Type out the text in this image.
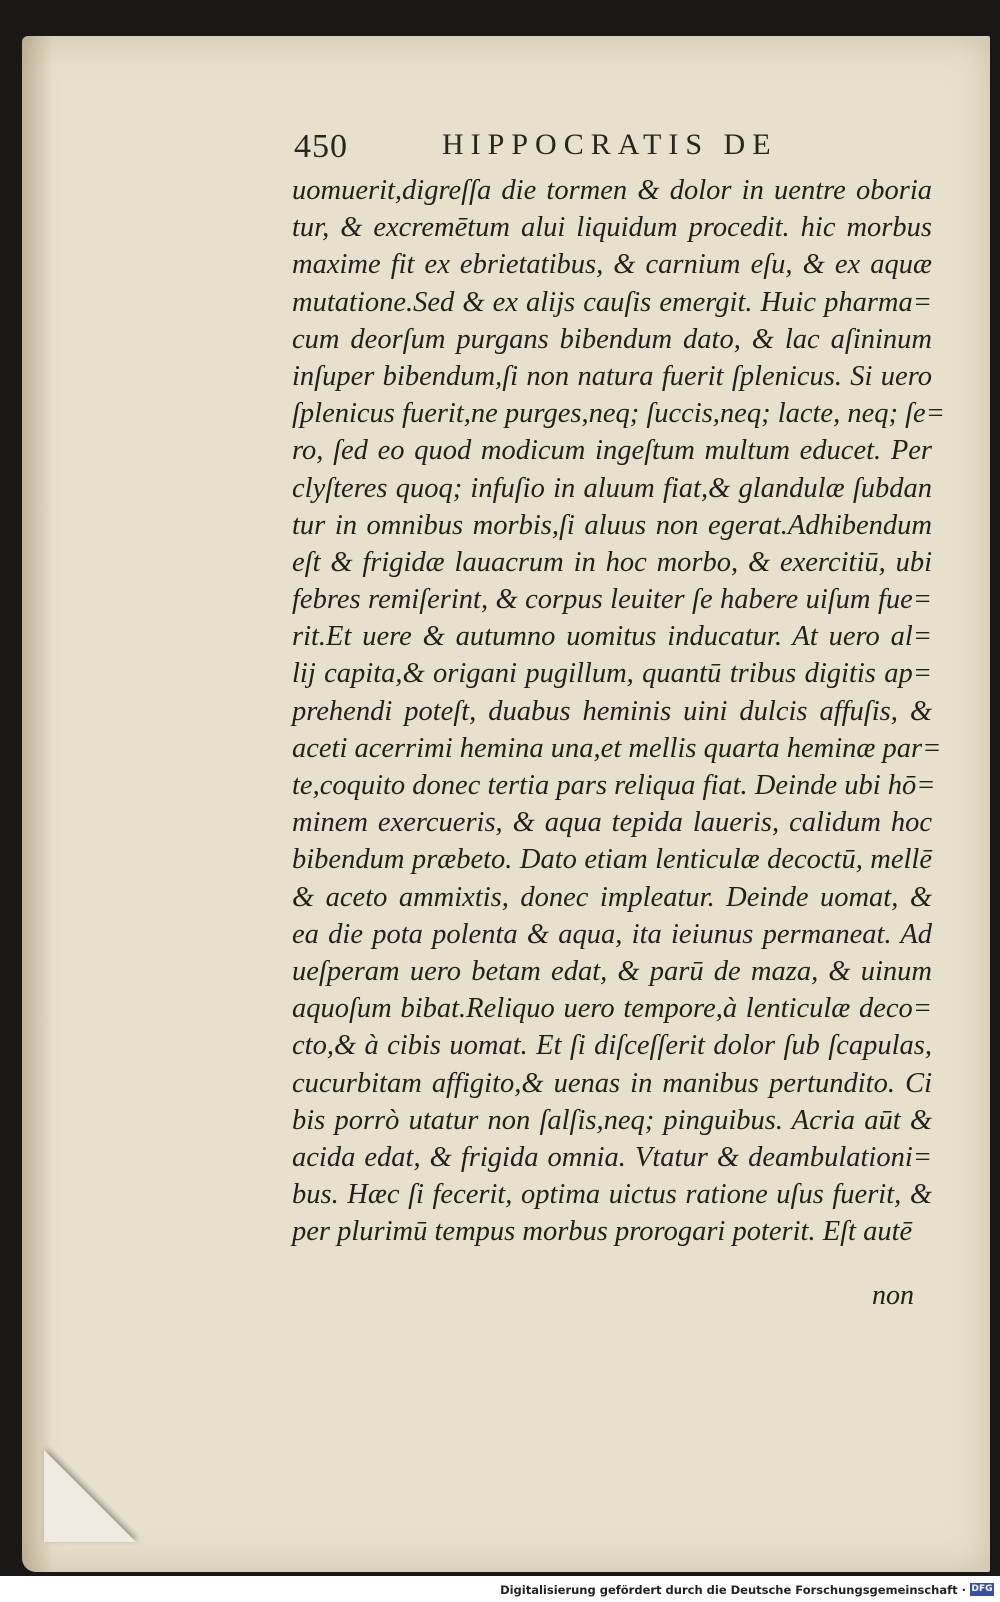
450	HIPPOCRATIS DE
uomuerit,digreſſa die tormen & dolor in uentre oboria
tur, & excremētum alui liquidum procedit. hic morbus
maxime fit ex ebrietatibus, & carnium eſu, & ex aquæ
mutatione.Sed & ex alijs cauſis emergit. Huic pharma=
cum deorſum purgans bibendum dato, & lac aſininum
inſuper bibendum,ſi non natura fuerit ſplenicus. Si uero
ſplenicus fuerit,ne purges,neq; ſuccis,neq; lacte, neq; ſe=
ro, ſed eo quod modicum ingeſtum multum educet. Per
clyſteres quoq; infuſio in aluum fiat,& glandulæ ſubdan
tur in omnibus morbis,ſi aluus non egerat.Adhibendum
eſt & frigidæ lauacrum in hoc morbo, & exercitiū, ubi
febres remiſerint, & corpus leuiter ſe habere uiſum fue=
rit.Et uere & autumno uomitus inducatur. At uero al=
lij capita,& origani pugillum, quantū tribus digitis ap=
prehendi poteſt, duabus heminis uini dulcis affuſis, &
aceti acerrimi hemina una,et mellis quarta heminæ par=
te,coquito donec tertia pars reliqua fiat. Deinde ubi hō=
minem exercueris, & aqua tepida laueris, calidum hoc
bibendum præbeto. Dato etiam lenticulæ decoctū, mellē
& aceto ammixtis, donec impleatur. Deinde uomat, &
ea die pota polenta & aqua, ita ieiunus permaneat. Ad
ueſperam uero betam edat, & parū de maza, & uinum
aquoſum bibat.Reliquo uero tempore,à lenticulæ deco=
cto,& à cibis uomat. Et ſi diſceſſerit dolor ſub ſcapulas,
cucurbitam affigito,& uenas in manibus pertundito. Ci
bis porrò utatur non ſalſis,neq; pinguibus. Acria aūt &
acida edat, & frigida omnia. Vtatur & deambulationi=
bus. Hæc ſi fecerit, optima uictus ratione uſus fuerit, &
per plurimū tempus morbus prorogari poterit. Eſt autē
non
Digitalisierung gefördert durch die Deutsche Forschungsgemeinschaft · DFG
